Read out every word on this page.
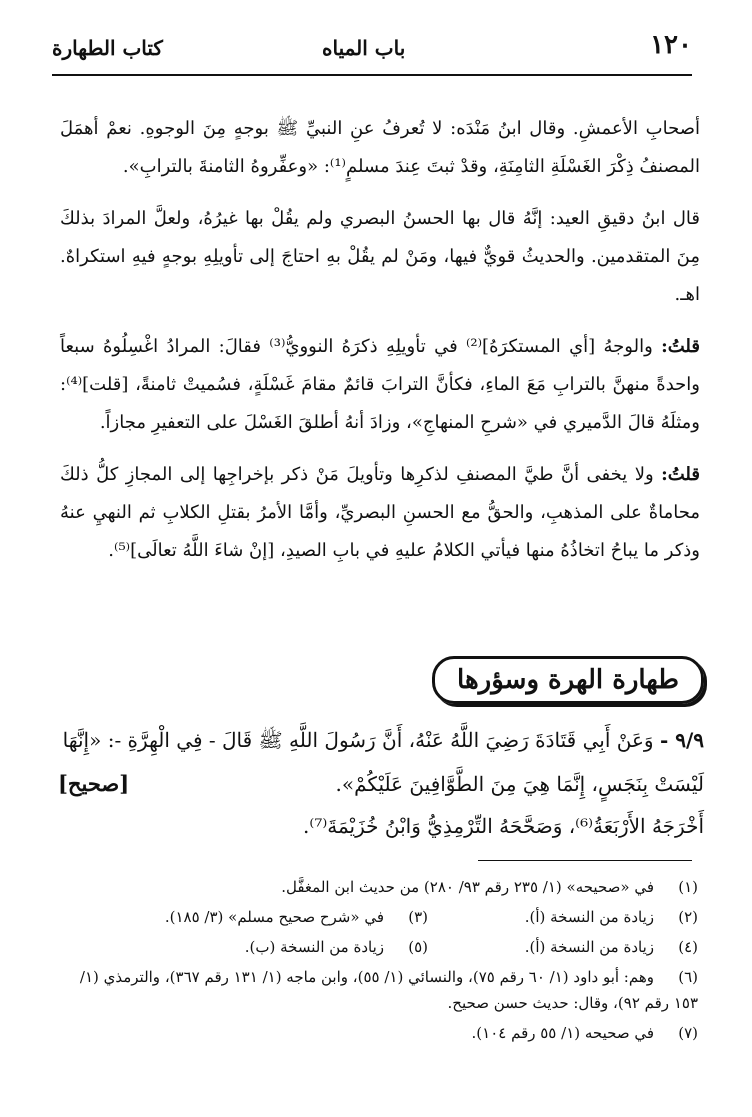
١٢٠
باب المياه
كتاب الطهارة

أصحابِ الأعمشِ. وقال ابنُ مَنْدَه: لا تُعرفُ عنِ النبيِّ ﷺ بوجهٍ مِنَ الوجوهِ. نعمْ أهمَلَ المصنفُ ذِكْرَ الغَسْلَةِ الثامِنَةِ، وقدْ ثبتَ عِندَ مسلمٍ⁽¹⁾: «وعفِّروهُ الثامنةَ بالترابِ».

قال ابنُ دقيقِ العيد: إنَّهُ قال بها الحسنُ البصري ولم يقُلْ بها غيرُهُ، ولعلَّ المرادَ بذلكَ مِنَ المتقدمين. والحديثُ قويٌّ فيها، ومَنْ لم يقُلْ بهِ احتاجَ إلى تأويلِهِ بوجهٍ فيهِ استكراهٌ. اهـ.

قلتُ: والوجهُ [أي المستكرَهُ]⁽²⁾ في تأويلِهِ ذكرَهُ النوويُّ⁽³⁾ فقالَ: المرادُ اغْسِلُوهُ سبعاً واحدةً منهنَّ بالترابِ مَعَ الماءِ، فكأنَّ الترابَ قائمٌ مقامَ غَسْلَةٍ، فسُميتْ ثامنةً، [قلت]⁽⁴⁾: ومثلَهُ قالَ الدَّميري في «شرحِ المنهاجِ»، وزادَ أنهُ أطلقَ الغَسْلَ على التعفيرِ مجازاً.

قلتُ: ولا يخفى أنَّ طيَّ المصنفِ لذكرِها وتأويلَ مَنْ ذكر بإخراجِها إلى المجازِ كلُّ ذلكَ محاماةٌ على المذهبِ، والحقُّ مع الحسنِ البصريِّ، وأمَّا الأمرُ بقتلِ الكلابِ ثم النهيِ عنهُ وذكر ما يباحُ اتخاذُهُ منها فيأتي الكلامُ عليهِ في بابِ الصيدِ، [إنْ شاءَ اللَّهُ تعالَى]⁽⁵⁾.

طهارة الهرة وسؤرها
٩/٩ - وَعَنْ أَبِي قَتَادَةَ رَضِيَ اللَّهُ عَنْهُ، أَنَّ رَسُولَ اللَّهِ ﷺ قَالَ - فِي الْهِرَّةِ -: «إِنَّهَا لَيْسَتْ بِنَجَسٍ، إِنَّمَا هِيَ مِنَ الطَّوَّافِينَ عَلَيْكُمْ».
[صحيح]
أَخْرَجَهُ الأَرْبَعَةُ⁽⁶⁾، وَصَحَّحَهُ التِّرْمِذِيُّ وَابْنُ خُزَيْمَةَ⁽⁷⁾.
(١)في «صحيحه» (١/ ٢٣٥ رقم ٩٣/ ٢٨٠) من حديث ابن المغفَّل.
(٢)زيادة من النسخة (أ).
(٣)في «شرح صحيح مسلم» (٣/ ١٨٥).
(٤)زيادة من النسخة (أ).
(٥)زيادة من النسخة (ب).
(٦)وهم: أبو داود (١/ ٦٠ رقم ٧٥)، والنسائي (١/ ٥٥)، وابن ماجه (١/ ١٣١ رقم ٣٦٧)، والترمذي (١/ ١٥٣ رقم ٩٢)، وقال: حديث حسن صحيح.
(٧)في صحيحه (١/ ٥٥ رقم ١٠٤).
